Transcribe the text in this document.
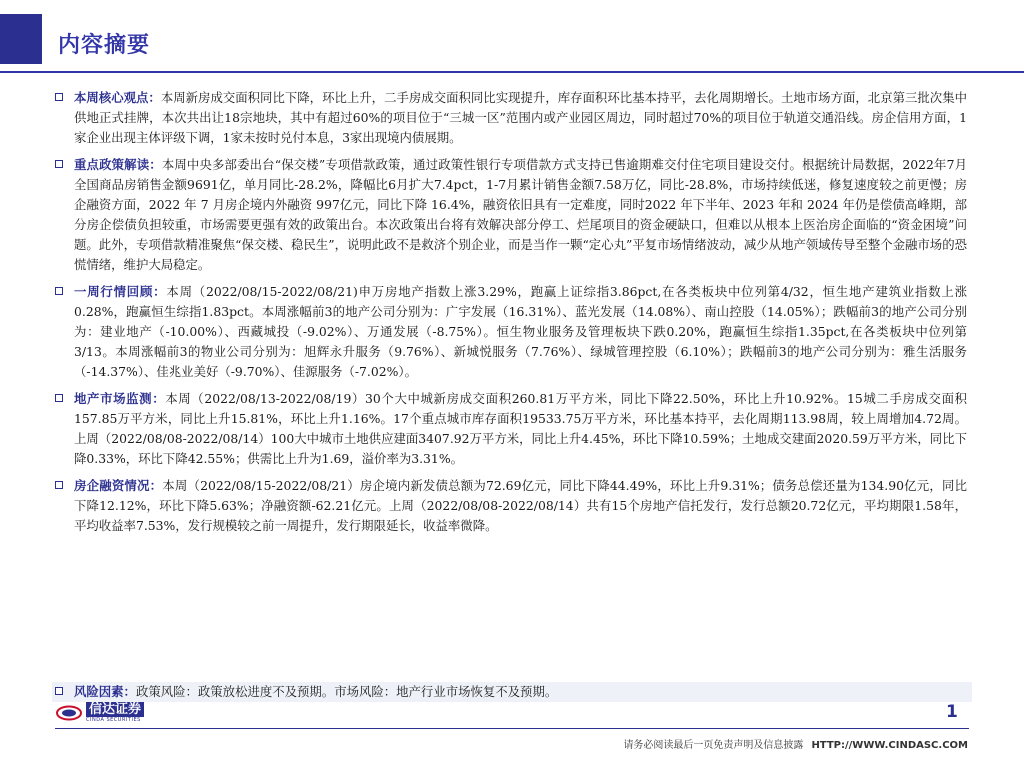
内容摘要
本周核心观点：本周新房成交面积同比下降，环比上升，二手房成交面积同比实现提升，库存面积环比基本持平，去化周期增长。土地市场方面，北京第三批次集中供地正式挂牌，本次共出让18宗地块，其中有超过60%的项目位于“三城一区”范围内或产业园区周边，同时超过70%的项目位于轨道交通沿线。房企信用方面，1家企业出现主体评级下调，1家未按时兑付本息，3家出现境内债展期。
重点政策解读：本周中央多部委出台“保交楼”专项借款政策，通过政策性银行专项借款方式支持已售逾期难交付住宅项目建设交付。根据统计局数据，2022年7月全国商品房销售金额9691亿，单月同比-28.2%，降幅比6月扩大7.4pct，1-7月累计销售金额7.58万亿，同比-28.8%，市场持续低迷，修复速度较之前更慢；房企融资方面，2022 年 7 月房企境内外融资 997亿元，同比下降 16.4%，融资依旧具有一定难度，同时2022 年下半年、2023 年和 2024 年仍是偿债高峰期，部分房企偿债负担较重，市场需要更强有效的政策出台。本次政策出台将有效解决部分停工、烂尾项目的资金硬缺口，但难以从根本上医治房企面临的“资金困境”问题。此外，专项借款精准聚焦“保交楼、稳民生”，说明此政不是救济个别企业，而是当作一颗“定心丸”平复市场情绪波动，减少从地产领域传导至整个金融市场的恐慌情绪，维护大局稳定。
一周行情回顾：本周（2022/08/15-2022/08/21)申万房地产指数上涨3.29%，跑赢上证综指3.86pct,在各类板块中位列第4/32，恒生地产建筑业指数上涨0.28%，跑赢恒生综指1.83pct。本周涨幅前3的地产公司分别为：广宇发展（16.31%）、蓝光发展（14.08%）、南山控股（14.05%）；跌幅前3的地产公司分别为：建业地产（-10.00%）、西藏城投（-9.02%）、万通发展（-8.75%）。恒生物业服务及管理板块下跌0.20%，跑赢恒生综指1.35pct,在各类板块中位列第3/13。本周涨幅前3的物业公司分别为：旭辉永升服务（9.76%）、新城悦服务（7.76%）、绿城管理控股（6.10%）；跌幅前3的地产公司分别为：雅生活服务（-14.37%）、佳兆业美好（-9.70%）、佳源服务（-7.02%）。
地产市场监测：本周（2022/08/13-2022/08/19）30个大中城新房成交面积260.81万平方米，同比下降22.50%，环比上升10.92%。15城二手房成交面积157.85万平方米，同比上升15.81%，环比上升1.16%。17个重点城市库存面积19533.75万平方米，环比基本持平，去化周期113.98周，较上周增加4.72周。上周（2022/08/08-2022/08/14）100大中城市土地供应建面3407.92万平方米，同比上升4.45%，环比下降10.59%；土地成交建面2020.59万平方米，同比下降0.33%，环比下降42.55%；供需比上升为1.69，溢价率为3.31%。
房企融资情况：本周（2022/08/15-2022/08/21）房企境内新发债总额为72.69亿元，同比下降44.49%，环比上升9.31%；债务总偿还量为134.90亿元，同比下降12.12%，环比下降5.63%；净融资额-62.21亿元。上周（2022/08/08-2022/08/14）共有15个房地产信托发行，发行总额20.72亿元，平均期限1.58年，平均收益率7.53%，发行规模较之前一周提升，发行期限延长，收益率微降。
风险因素：政策风险：政策放松进度不及预期。市场风险：地产行业市场恢复不及预期。
信达证券
CINDA SECURITIES	1
请务必阅读最后一页免责声明及信息披露 HTTP://WWW.CINDASC.COM
